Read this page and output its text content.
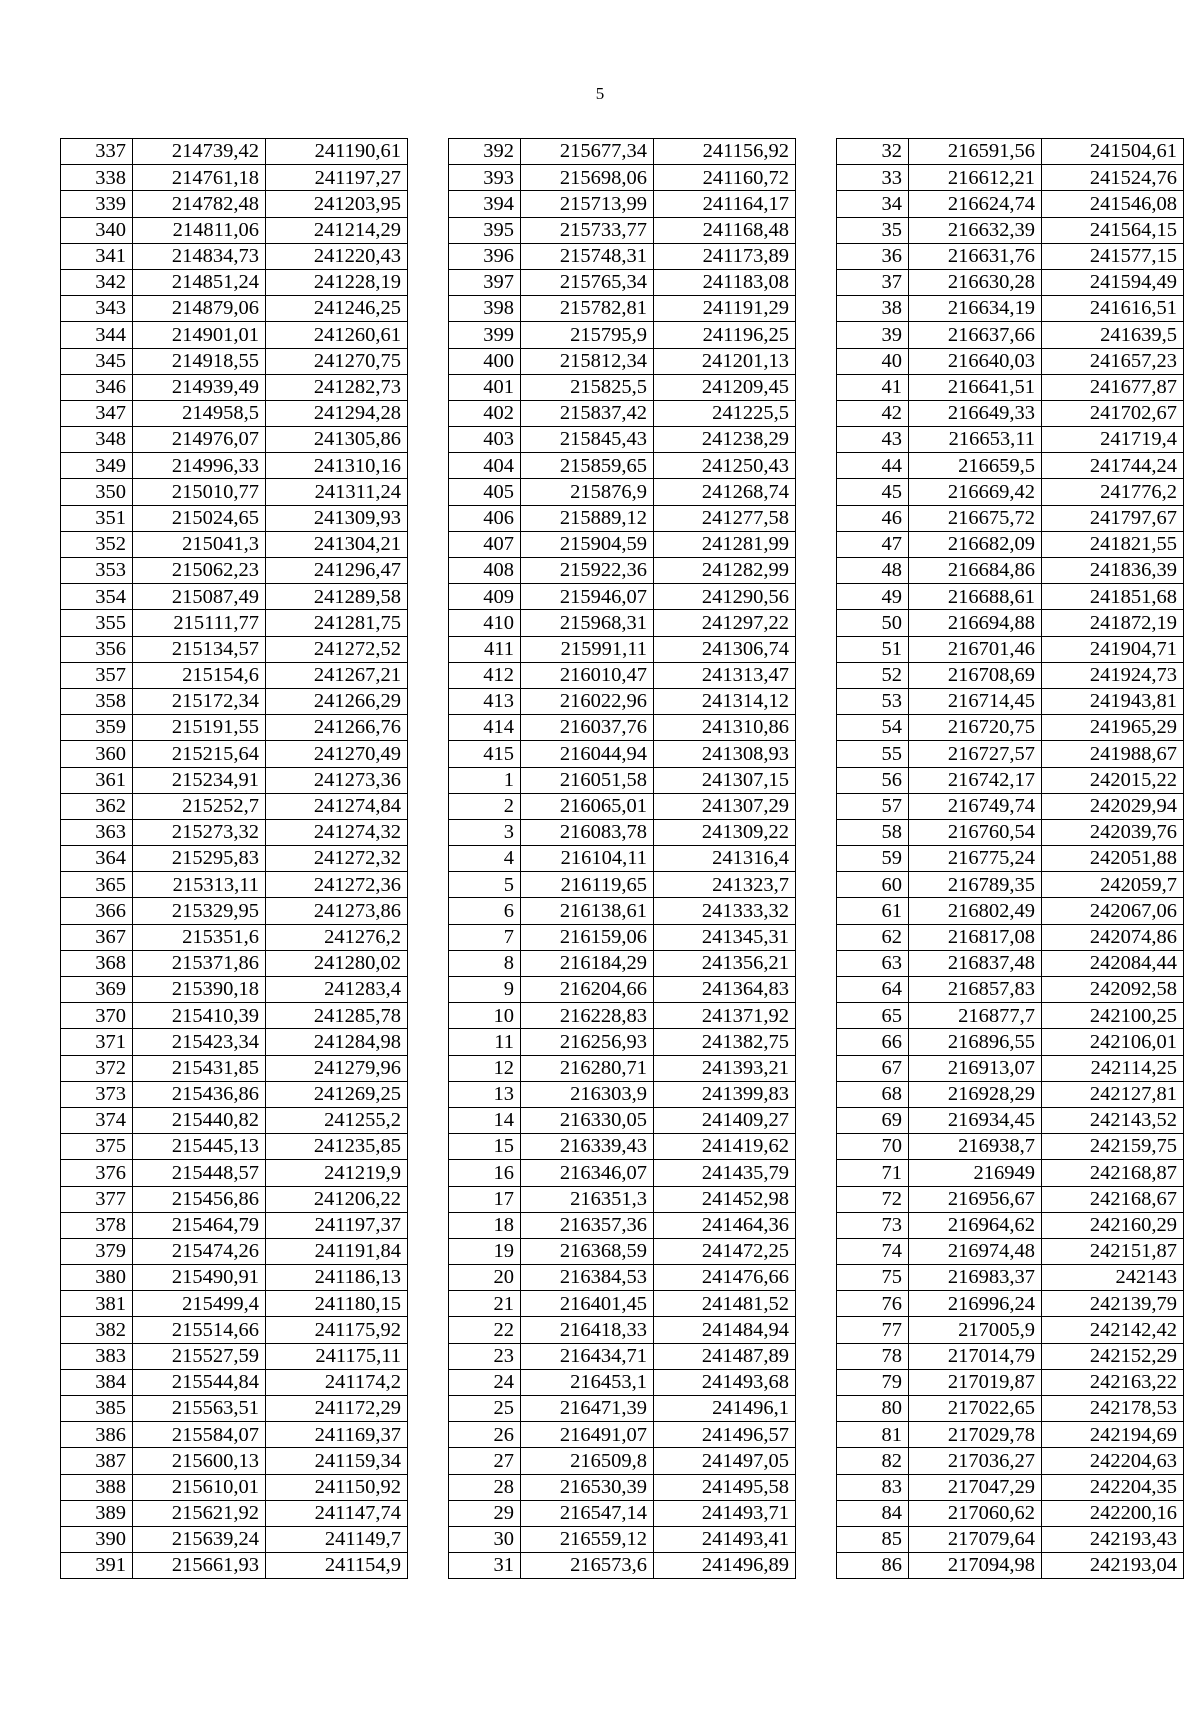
5
337	214739,42	241190,61
338	214761,18	241197,27
339	214782,48	241203,95
340	214811,06	241214,29
341	214834,73	241220,43
342	214851,24	241228,19
343	214879,06	241246,25
344	214901,01	241260,61
345	214918,55	241270,75
346	214939,49	241282,73
347	214958,5	241294,28
348	214976,07	241305,86
349	214996,33	241310,16
350	215010,77	241311,24
351	215024,65	241309,93
352	215041,3	241304,21
353	215062,23	241296,47
354	215087,49	241289,58
355	215111,77	241281,75
356	215134,57	241272,52
357	215154,6	241267,21
358	215172,34	241266,29
359	215191,55	241266,76
360	215215,64	241270,49
361	215234,91	241273,36
362	215252,7	241274,84
363	215273,32	241274,32
364	215295,83	241272,32
365	215313,11	241272,36
366	215329,95	241273,86
367	215351,6	241276,2
368	215371,86	241280,02
369	215390,18	241283,4
370	215410,39	241285,78
371	215423,34	241284,98
372	215431,85	241279,96
373	215436,86	241269,25
374	215440,82	241255,2
375	215445,13	241235,85
376	215448,57	241219,9
377	215456,86	241206,22
378	215464,79	241197,37
379	215474,26	241191,84
380	215490,91	241186,13
381	215499,4	241180,15
382	215514,66	241175,92
383	215527,59	241175,11
384	215544,84	241174,2
385	215563,51	241172,29
386	215584,07	241169,37
387	215600,13	241159,34
388	215610,01	241150,92
389	215621,92	241147,74
390	215639,24	241149,7
391	215661,93	241154,9
392	215677,34	241156,92
393	215698,06	241160,72
394	215713,99	241164,17
395	215733,77	241168,48
396	215748,31	241173,89
397	215765,34	241183,08
398	215782,81	241191,29
399	215795,9	241196,25
400	215812,34	241201,13
401	215825,5	241209,45
402	215837,42	241225,5
403	215845,43	241238,29
404	215859,65	241250,43
405	215876,9	241268,74
406	215889,12	241277,58
407	215904,59	241281,99
408	215922,36	241282,99
409	215946,07	241290,56
410	215968,31	241297,22
411	215991,11	241306,74
412	216010,47	241313,47
413	216022,96	241314,12
414	216037,76	241310,86
415	216044,94	241308,93
1	216051,58	241307,15
2	216065,01	241307,29
3	216083,78	241309,22
4	216104,11	241316,4
5	216119,65	241323,7
6	216138,61	241333,32
7	216159,06	241345,31
8	216184,29	241356,21
9	216204,66	241364,83
10	216228,83	241371,92
11	216256,93	241382,75
12	216280,71	241393,21
13	216303,9	241399,83
14	216330,05	241409,27
15	216339,43	241419,62
16	216346,07	241435,79
17	216351,3	241452,98
18	216357,36	241464,36
19	216368,59	241472,25
20	216384,53	241476,66
21	216401,45	241481,52
22	216418,33	241484,94
23	216434,71	241487,89
24	216453,1	241493,68
25	216471,39	241496,1
26	216491,07	241496,57
27	216509,8	241497,05
28	216530,39	241495,58
29	216547,14	241493,71
30	216559,12	241493,41
31	216573,6	241496,89
32	216591,56	241504,61
33	216612,21	241524,76
34	216624,74	241546,08
35	216632,39	241564,15
36	216631,76	241577,15
37	216630,28	241594,49
38	216634,19	241616,51
39	216637,66	241639,5
40	216640,03	241657,23
41	216641,51	241677,87
42	216649,33	241702,67
43	216653,11	241719,4
44	216659,5	241744,24
45	216669,42	241776,2
46	216675,72	241797,67
47	216682,09	241821,55
48	216684,86	241836,39
49	216688,61	241851,68
50	216694,88	241872,19
51	216701,46	241904,71
52	216708,69	241924,73
53	216714,45	241943,81
54	216720,75	241965,29
55	216727,57	241988,67
56	216742,17	242015,22
57	216749,74	242029,94
58	216760,54	242039,76
59	216775,24	242051,88
60	216789,35	242059,7
61	216802,49	242067,06
62	216817,08	242074,86
63	216837,48	242084,44
64	216857,83	242092,58
65	216877,7	242100,25
66	216896,55	242106,01
67	216913,07	242114,25
68	216928,29	242127,81
69	216934,45	242143,52
70	216938,7	242159,75
71	216949	242168,87
72	216956,67	242168,67
73	216964,62	242160,29
74	216974,48	242151,87
75	216983,37	242143
76	216996,24	242139,79
77	217005,9	242142,42
78	217014,79	242152,29
79	217019,87	242163,22
80	217022,65	242178,53
81	217029,78	242194,69
82	217036,27	242204,63
83	217047,29	242204,35
84	217060,62	242200,16
85	217079,64	242193,43
86	217094,98	242193,04
